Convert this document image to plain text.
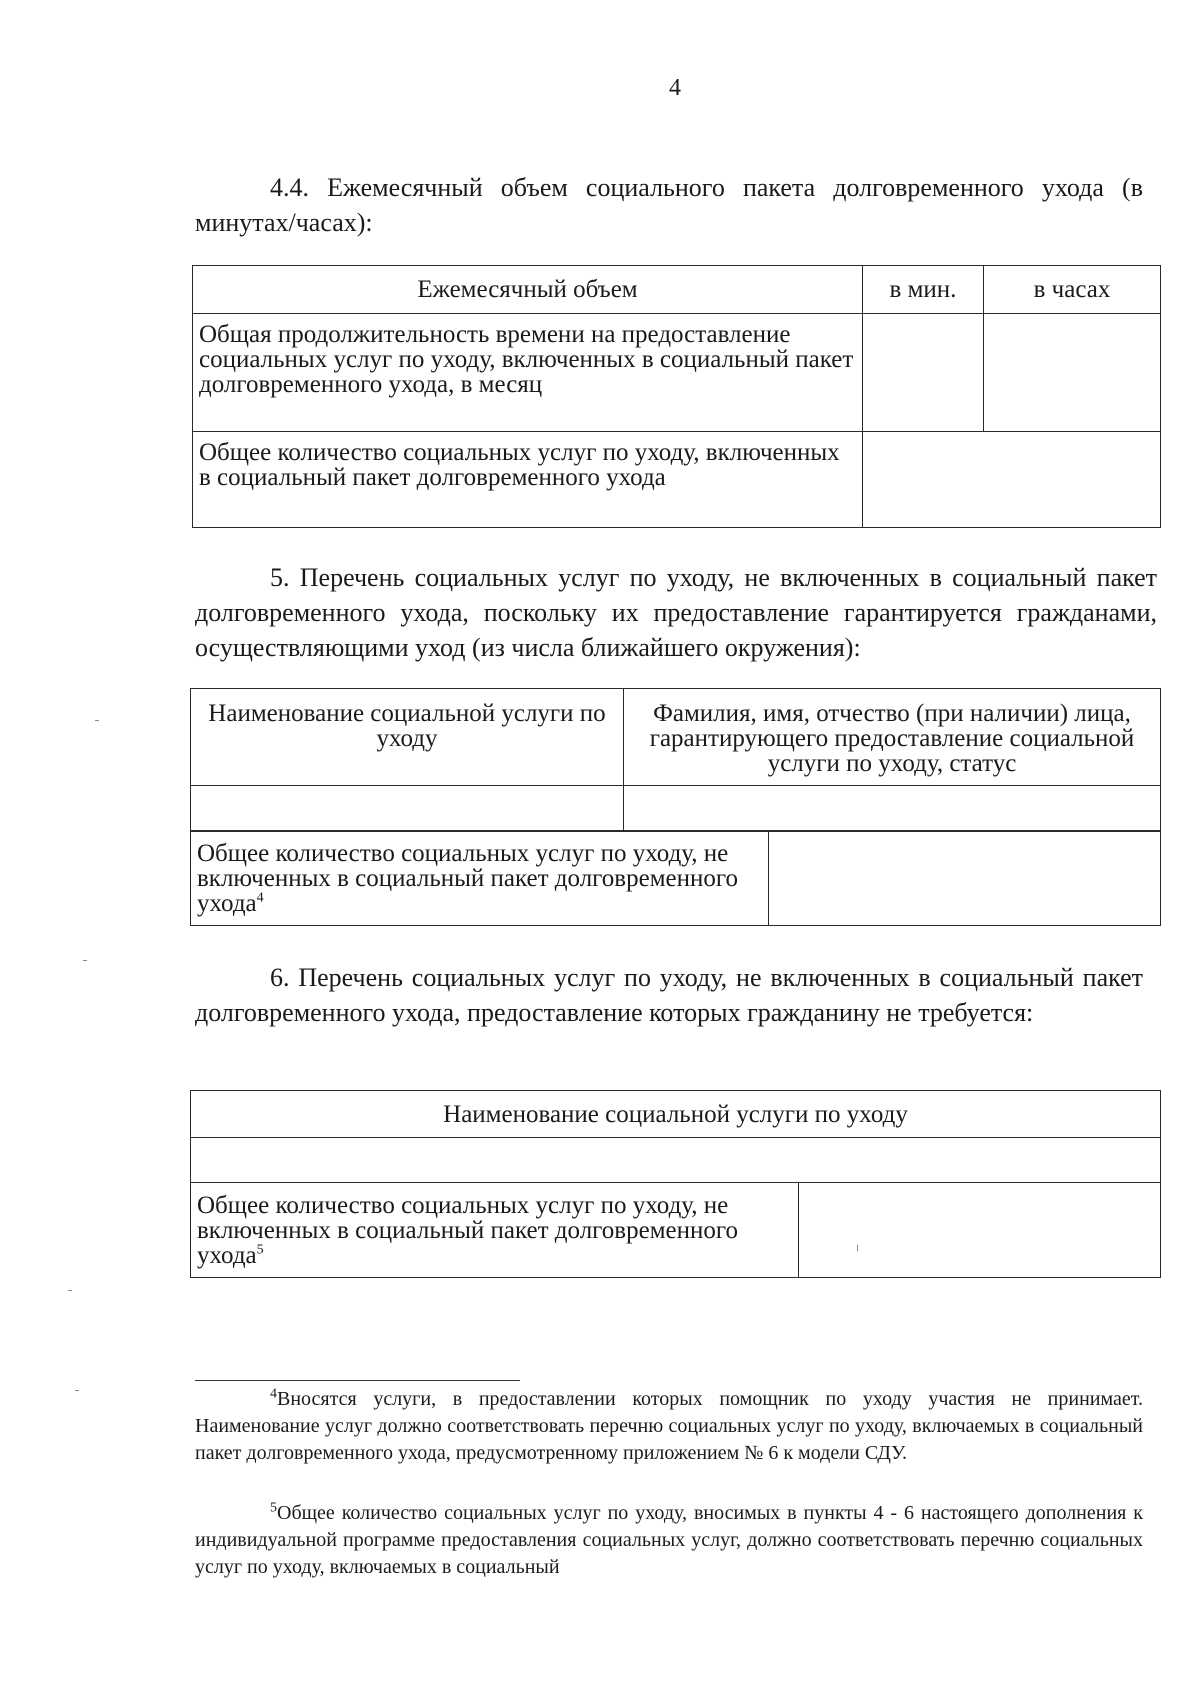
4
4.4. Ежемесячный объем социального пакета долговременного ухода (в минутах/часах):
Ежемесячный объем	в мин.	в часах
Общая продолжительность времени на предоставление социальных услуг по уходу, включенных в социальный пакет долговременного ухода, в месяц		
Общее количество социальных услуг по уходу, включенных в социальный пакет долговременного ухода		
5. Перечень социальных услуг по уходу, не включенных в социальный пакет долговременного ухода, поскольку их предоставление гарантируется гражданами, осуществляющими уход (из числа ближайшего окружения):
Наименование социальной услуги по уходу	Фамилия, имя, отчество (при наличии) лица, гарантирующего предоставление социальной услуги по уходу, статус

Общее количество социальных услуг по уходу, не включенных в социальный пакет долговременного ухода$^4$	
6. Перечень социальных услуг по уходу, не включенных в социальный пакет долговременного ухода, предоставление которых гражданину не требуется:
Наименование социальной услуги по уходу

Общее количество социальных услуг по уходу, не включенных в социальный пакет долговременного ухода$^5$	
$^4$Вносятся услуги, в предоставлении которых помощник по уходу участия не принимает. Наименование услуг должно соответствовать перечню социальных услуг по уходу, включаемых в социальный пакет долговременного ухода, предусмотренному приложением № 6 к модели СДУ.
$^5$Общее количество социальных услуг по уходу, вносимых в пункты 4 - 6 настоящего дополнения к индивидуальной программе предоставления социальных услуг, должно соответствовать перечню социальных услуг по уходу, включаемых в социальный
